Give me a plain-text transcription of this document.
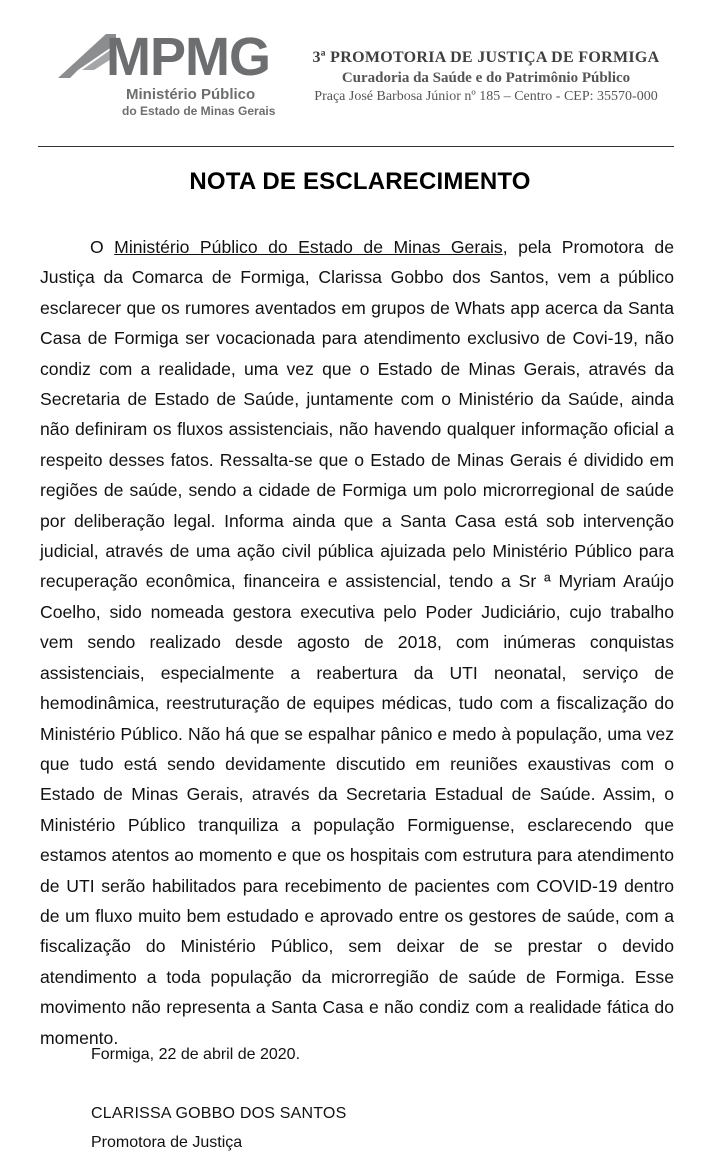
MPMG
Ministério Público
do Estado de Minas Gerais
3ª PROMOTORIA DE JUSTIÇA DE FORMIGA
Curadoria da Saúde e do Patrimônio Público
Praça José Barbosa Júnior nº 185 – Centro - CEP: 35570-000
NOTA DE ESCLARECIMENTO

O Ministério Público do Estado de Minas Gerais, pela Promotora de Justiça da Comarca de Formiga, Clarissa Gobbo dos Santos, vem a público esclarecer que os rumores aventados em grupos de Whats app acerca da Santa Casa de Formiga ser vocacionada para atendimento exclusivo de Covi-19, não condiz com a realidade, uma vez que o Estado de Minas Gerais, através da Secretaria de Estado de Saúde, juntamente com o Ministério da Saúde, ainda não definiram os fluxos assistenciais, não havendo qualquer informação oficial a respeito desses fatos. Ressalta-se que o Estado de Minas Gerais é dividido em regiões de saúde, sendo a cidade de Formiga um polo microrregional de saúde por deliberação legal. Informa ainda que a Santa Casa está sob intervenção judicial, através de uma ação civil pública ajuizada pelo Ministério Público para recuperação econômica, financeira e assistencial, tendo a Sr ª Myriam Araújo Coelho, sido nomeada gestora executiva pelo Poder Judiciário, cujo trabalho vem sendo realizado desde agosto de 2018, com inúmeras conquistas assistenciais, especialmente a reabertura da UTI neonatal, serviço de hemodinâmica, reestruturação de equipes médicas, tudo com a fiscalização do Ministério Público. Não há que se espalhar pânico e medo à população, uma vez que tudo está sendo devidamente discutido em reuniões exaustivas com o Estado de Minas Gerais, através da Secretaria Estadual de Saúde. Assim, o Ministério Público tranquiliza a população Formiguense, esclarecendo que estamos atentos ao momento e que os hospitais com estrutura para atendimento de UTI serão habilitados para recebimento de pacientes com COVID-19 dentro de um fluxo muito bem estudado e aprovado entre os gestores de saúde, com a fiscalização do Ministério Público, sem deixar de se prestar o devido atendimento a toda população da microrregião de saúde de Formiga. Esse movimento não representa a Santa Casa e não condiz com a realidade fática do momento.

Formiga, 22 de abril de 2020.
CLARISSA GOBBO DOS SANTOS
Promotora de Justiça
